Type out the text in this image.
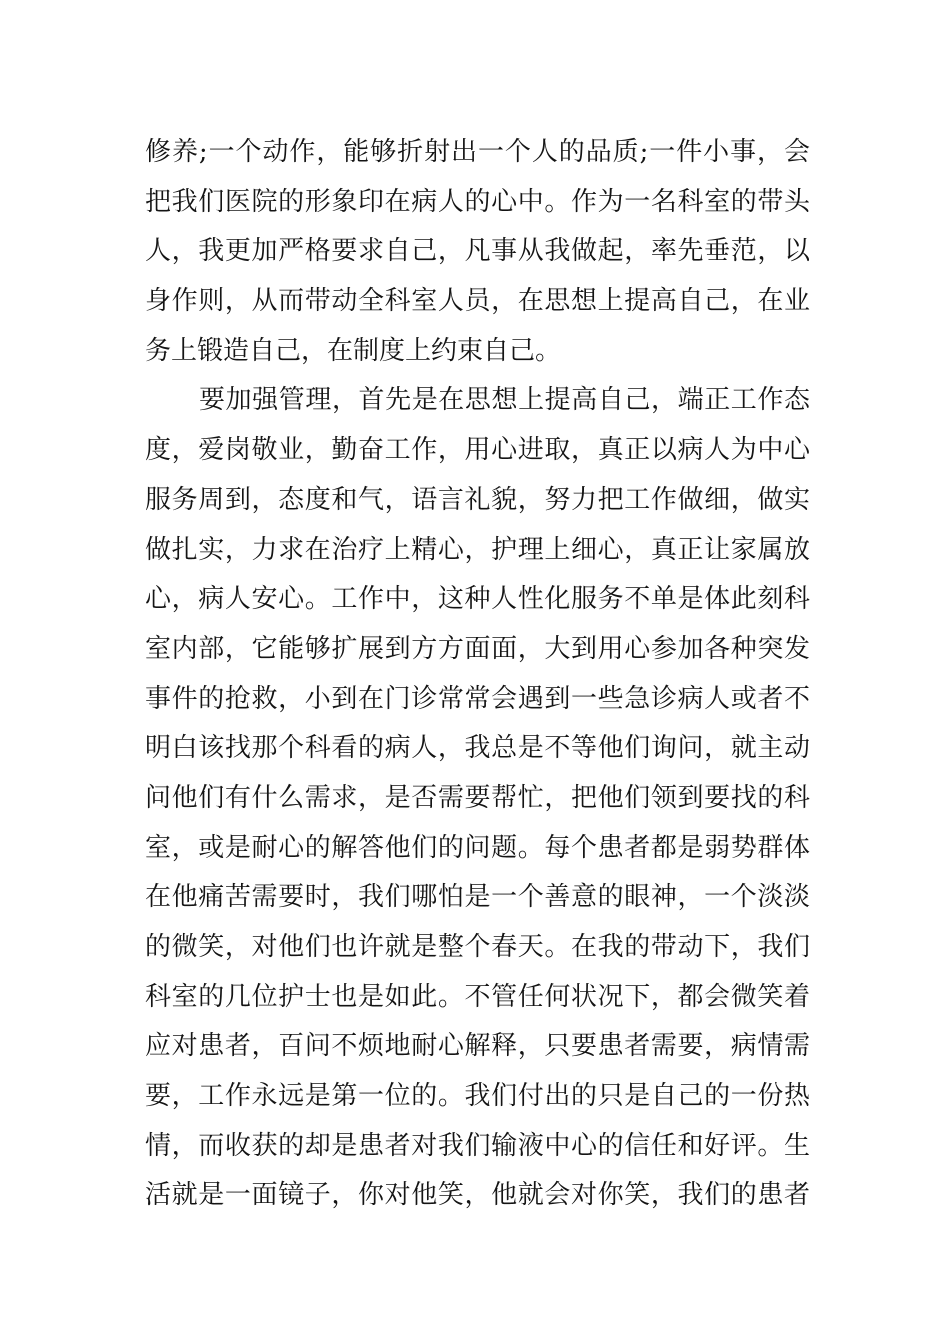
修养;一个动作，能够折射出一个人的品质;一件小事，会
把我们医院的形象印在病人的心中。作为一名科室的带头
人，我更加严格要求自己，凡事从我做起，率先垂范，以
身作则，从而带动全科室人员，在思想上提高自己，在业
务上锻造自己，在制度上约束自己。
要加强管理，首先是在思想上提高自己，端正工作态
度，爱岗敬业，勤奋工作，用心进取，真正以病人为中心
服务周到，态度和气，语言礼貌，努力把工作做细，做实
做扎实，力求在治疗上精心，护理上细心，真正让家属放
心，病人安心。工作中，这种人性化服务不单是体此刻科
室内部，它能够扩展到方方面面，大到用心参加各种突发
事件的抢救，小到在门诊常常会遇到一些急诊病人或者不
明白该找那个科看的病人，我总是不等他们询问，就主动
问他们有什么需求，是否需要帮忙，把他们领到要找的科
室，或是耐心的解答他们的问题。每个患者都是弱势群体
在他痛苦需要时，我们哪怕是一个善意的眼神，一个淡淡
的微笑，对他们也许就是整个春天。在我的带动下，我们
科室的几位护士也是如此。不管任何状况下，都会微笑着
应对患者，百问不烦地耐心解释，只要患者需要，病情需
要，工作永远是第一位的。我们付出的只是自己的一份热
情，而收获的却是患者对我们输液中心的信任和好评。生
活就是一面镜子，你对他笑，他就会对你笑，我们的患者
